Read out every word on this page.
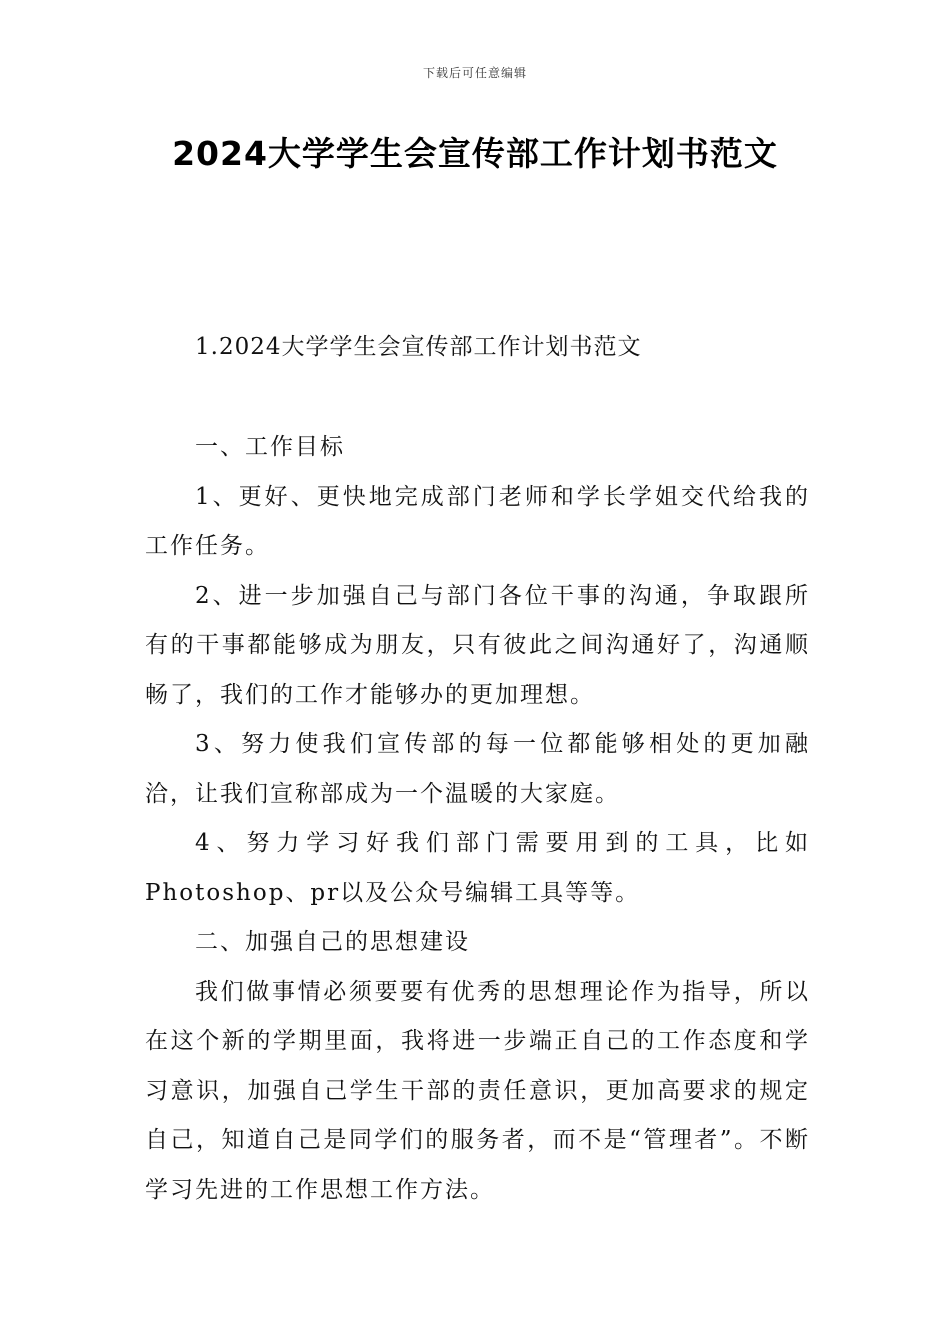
下载后可任意编辑
2024大学学生会宣传部工作计划书范文
1.2024大学学生会宣传部工作计划书范文

一、工作目标

1、更好、更快地完成部门老师和学长学姐交代给我的工作任务。

2、进一步加强自己与部门各位干事的沟通，争取跟所有的干事都能够成为朋友，只有彼此之间沟通好了，沟通顺畅了，我们的工作才能够办的更加理想。

3、努力使我们宣传部的每一位都能够相处的更加融洽，让我们宣称部成为一个温暖的大家庭。

4、努力学习好我们部门需要用到的工具，比如Photoshop、pr以及公众号编辑工具等等。

二、加强自己的思想建设

我们做事情必须要要有优秀的思想理论作为指导，所以在这个新的学期里面，我将进一步端正自己的工作态度和学习意识，加强自己学生干部的责任意识，更加高要求的规定自己，知道自己是同学们的服务者，而不是“管理者”。不断学习先进的工作思想工作方法。
